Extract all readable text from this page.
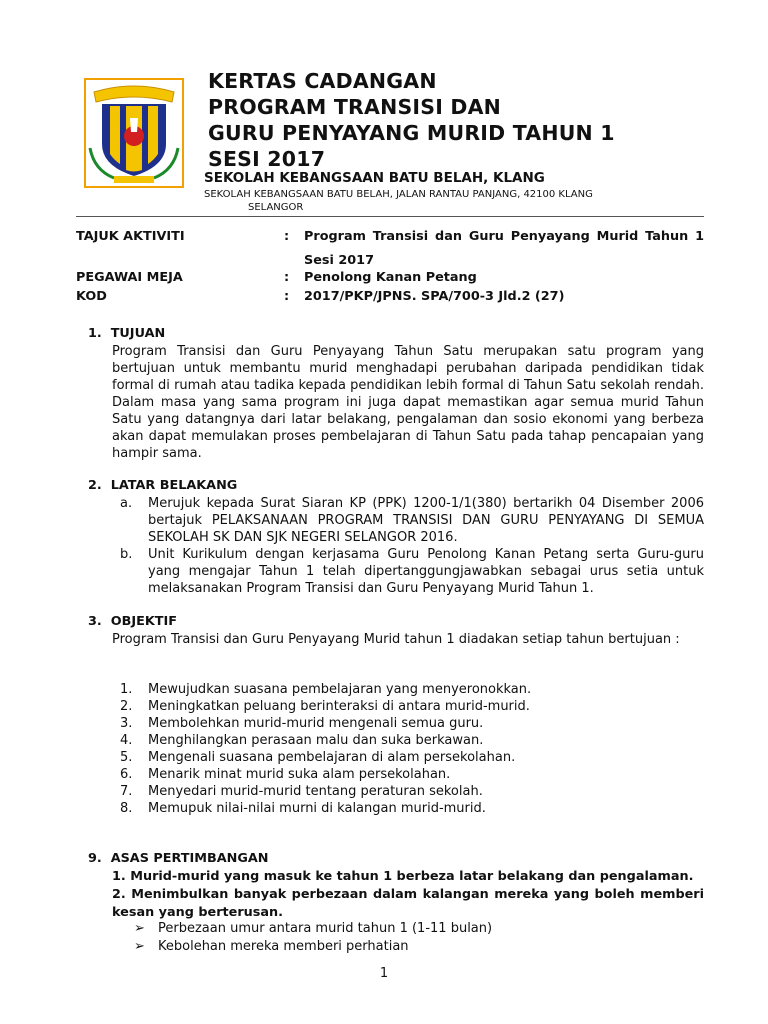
KERTAS CADANGAN
PROGRAM TRANSISI DAN
GURU PENYAYANG MURID TAHUN 1
SESI 2017
SEKOLAH KEBANGSAAN BATU BELAH, KLANG
SEKOLAH KEBANGSAAN BATU BELAH, JALAN RANTAU PANJANG, 42100 KLANG
SELANGOR
TAJUK AKTIVITI	: Program Transisi dan Guru Penyayang Murid Tahun 1
Sesi 2017
PEGAWAI MEJA	: Penolong Kanan Petang
KOD	: 2017/PKP/JPNS. SPA/700-3 Jld.2 (27)
1. TUJUAN
Program Transisi dan Guru Penyayang Tahun Satu merupakan satu program yang bertujuan untuk membantu murid menghadapi perubahan daripada pendidikan tidak formal di rumah atau tadika kepada pendidikan lebih formal di Tahun Satu sekolah rendah. Dalam masa yang sama program ini juga dapat memastikan agar semua murid Tahun Satu yang datangnya dari latar belakang, pengalaman dan sosio ekonomi yang berbeza akan dapat memulakan proses pembelajaran di Tahun Satu pada tahap pencapaian yang hampir sama.
2. LATAR BELAKANG
a. Merujuk kepada Surat Siaran KP (PPK) 1200-1/1(380) bertarikh 04 Disember 2006 bertajuk PELAKSANAAN PROGRAM TRANSISI DAN GURU PENYAYANG DI SEMUA SEKOLAH SK DAN SJK NEGERI SELANGOR 2016.
b. Unit Kurikulum dengan kerjasama Guru Penolong Kanan Petang serta Guru-guru yang mengajar Tahun 1 telah dipertanggungjawabkan sebagai urus setia untuk melaksanakan Program Transisi dan Guru Penyayang Murid Tahun 1.
3. OBJEKTIF
Program Transisi dan Guru Penyayang Murid tahun 1 diadakan setiap tahun bertujuan :
1. Mewujudkan suasana pembelajaran yang menyeronokkan.
2. Meningkatkan peluang berinteraksi di antara murid-murid.
3. Membolehkan murid-murid mengenali semua guru.
4. Menghilangkan perasaan malu dan suka berkawan.
5. Mengenali suasana pembelajaran di alam persekolahan.
6. Menarik minat murid suka alam persekolahan.
7. Menyedari murid-murid tentang peraturan sekolah.
8. Memupuk nilai-nilai murni di kalangan murid-murid.
9. ASAS PERTIMBANGAN
1. Murid-murid yang masuk ke tahun 1 berbeza latar belakang dan pengalaman.
2. Menimbulkan banyak perbezaan dalam kalangan mereka yang boleh memberi kesan yang berterusan.
➢ Perbezaan umur antara murid tahun 1 (1-11 bulan)
➢ Kebolehan mereka memberi perhatian
1
